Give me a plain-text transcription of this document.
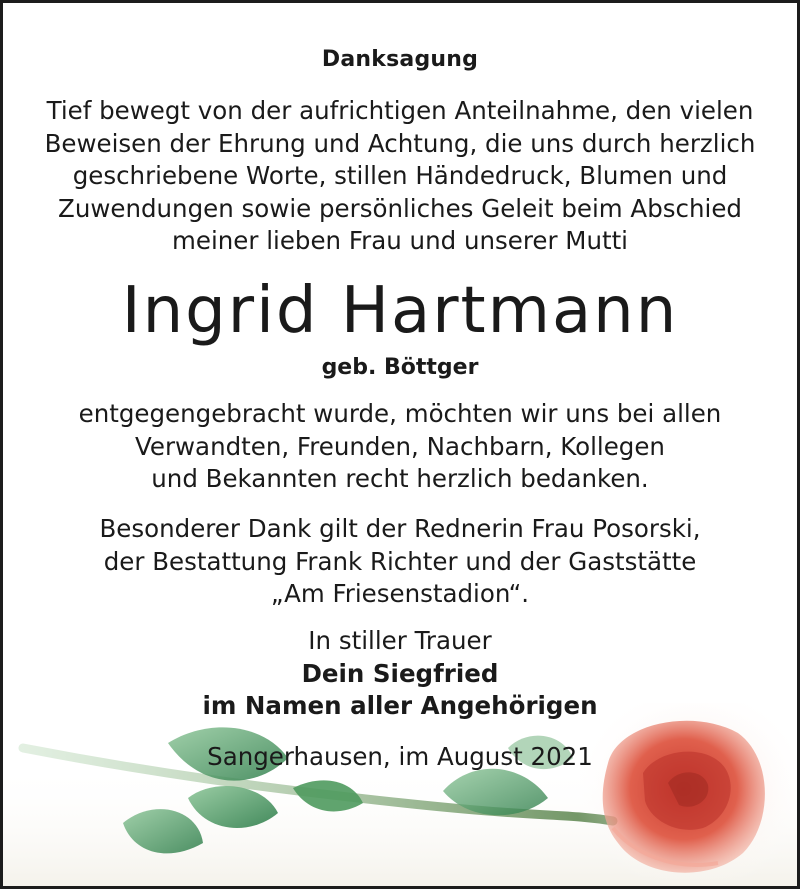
Danksagung
Tief bewegt von der aufrichtigen Anteilnahme, den vielen
Beweisen der Ehrung und Achtung, die uns durch herzlich
geschriebene Worte, stillen Händedruck, Blumen und
Zuwendungen sowie persönliches Geleit beim Abschied
meiner lieben Frau und unserer Mutti
Ingrid Hartmann
geb. Böttger
entgegengebracht wurde, möchten wir uns bei allen
Verwandten, Freunden, Nachbarn, Kollegen
und Bekannten recht herzlich bedanken.
Besonderer Dank gilt der Rednerin Frau Posorski,
der Bestattung Frank Richter und der Gaststätte
„Am Friesenstadion“.
In stiller Trauer
Dein Siegfried
im Namen aller Angehörigen
Sangerhausen, im August 2021
